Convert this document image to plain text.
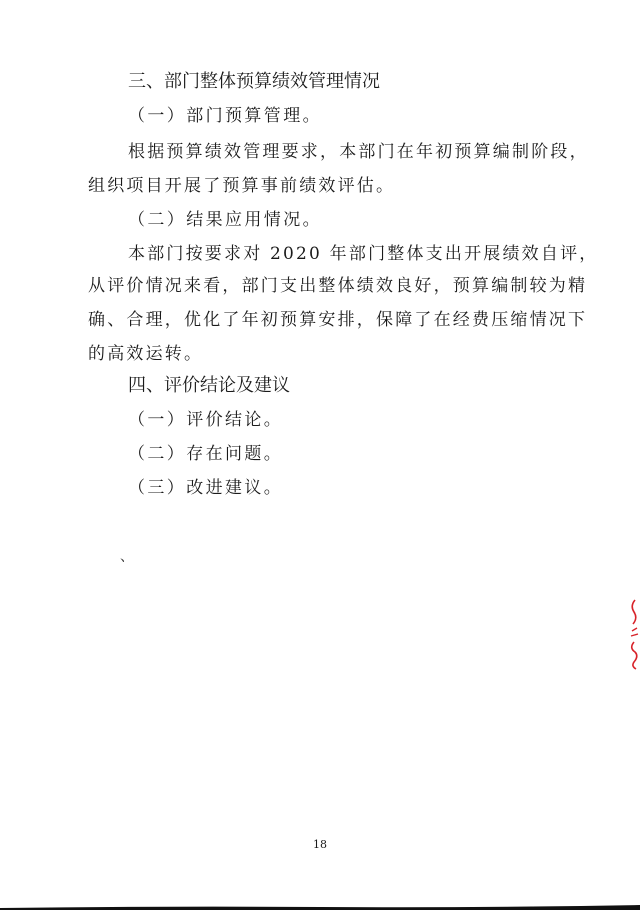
三、部门整体预算绩效管理情况
（一）部门预算管理。
根据预算绩效管理要求，本部门在年初预算编制阶段，
组织项目开展了预算事前绩效评估。
（二）结果应用情况。
本部门按要求对 2020 年部门整体支出开展绩效自评，
从评价情况来看，部门支出整体绩效良好，预算编制较为精
确、合理，优化了年初预算安排，保障了在经费压缩情况下
的高效运转。
四、评价结论及建议
（一）评价结论。
（二）存在问题。
（三）改进建议。
、
18
